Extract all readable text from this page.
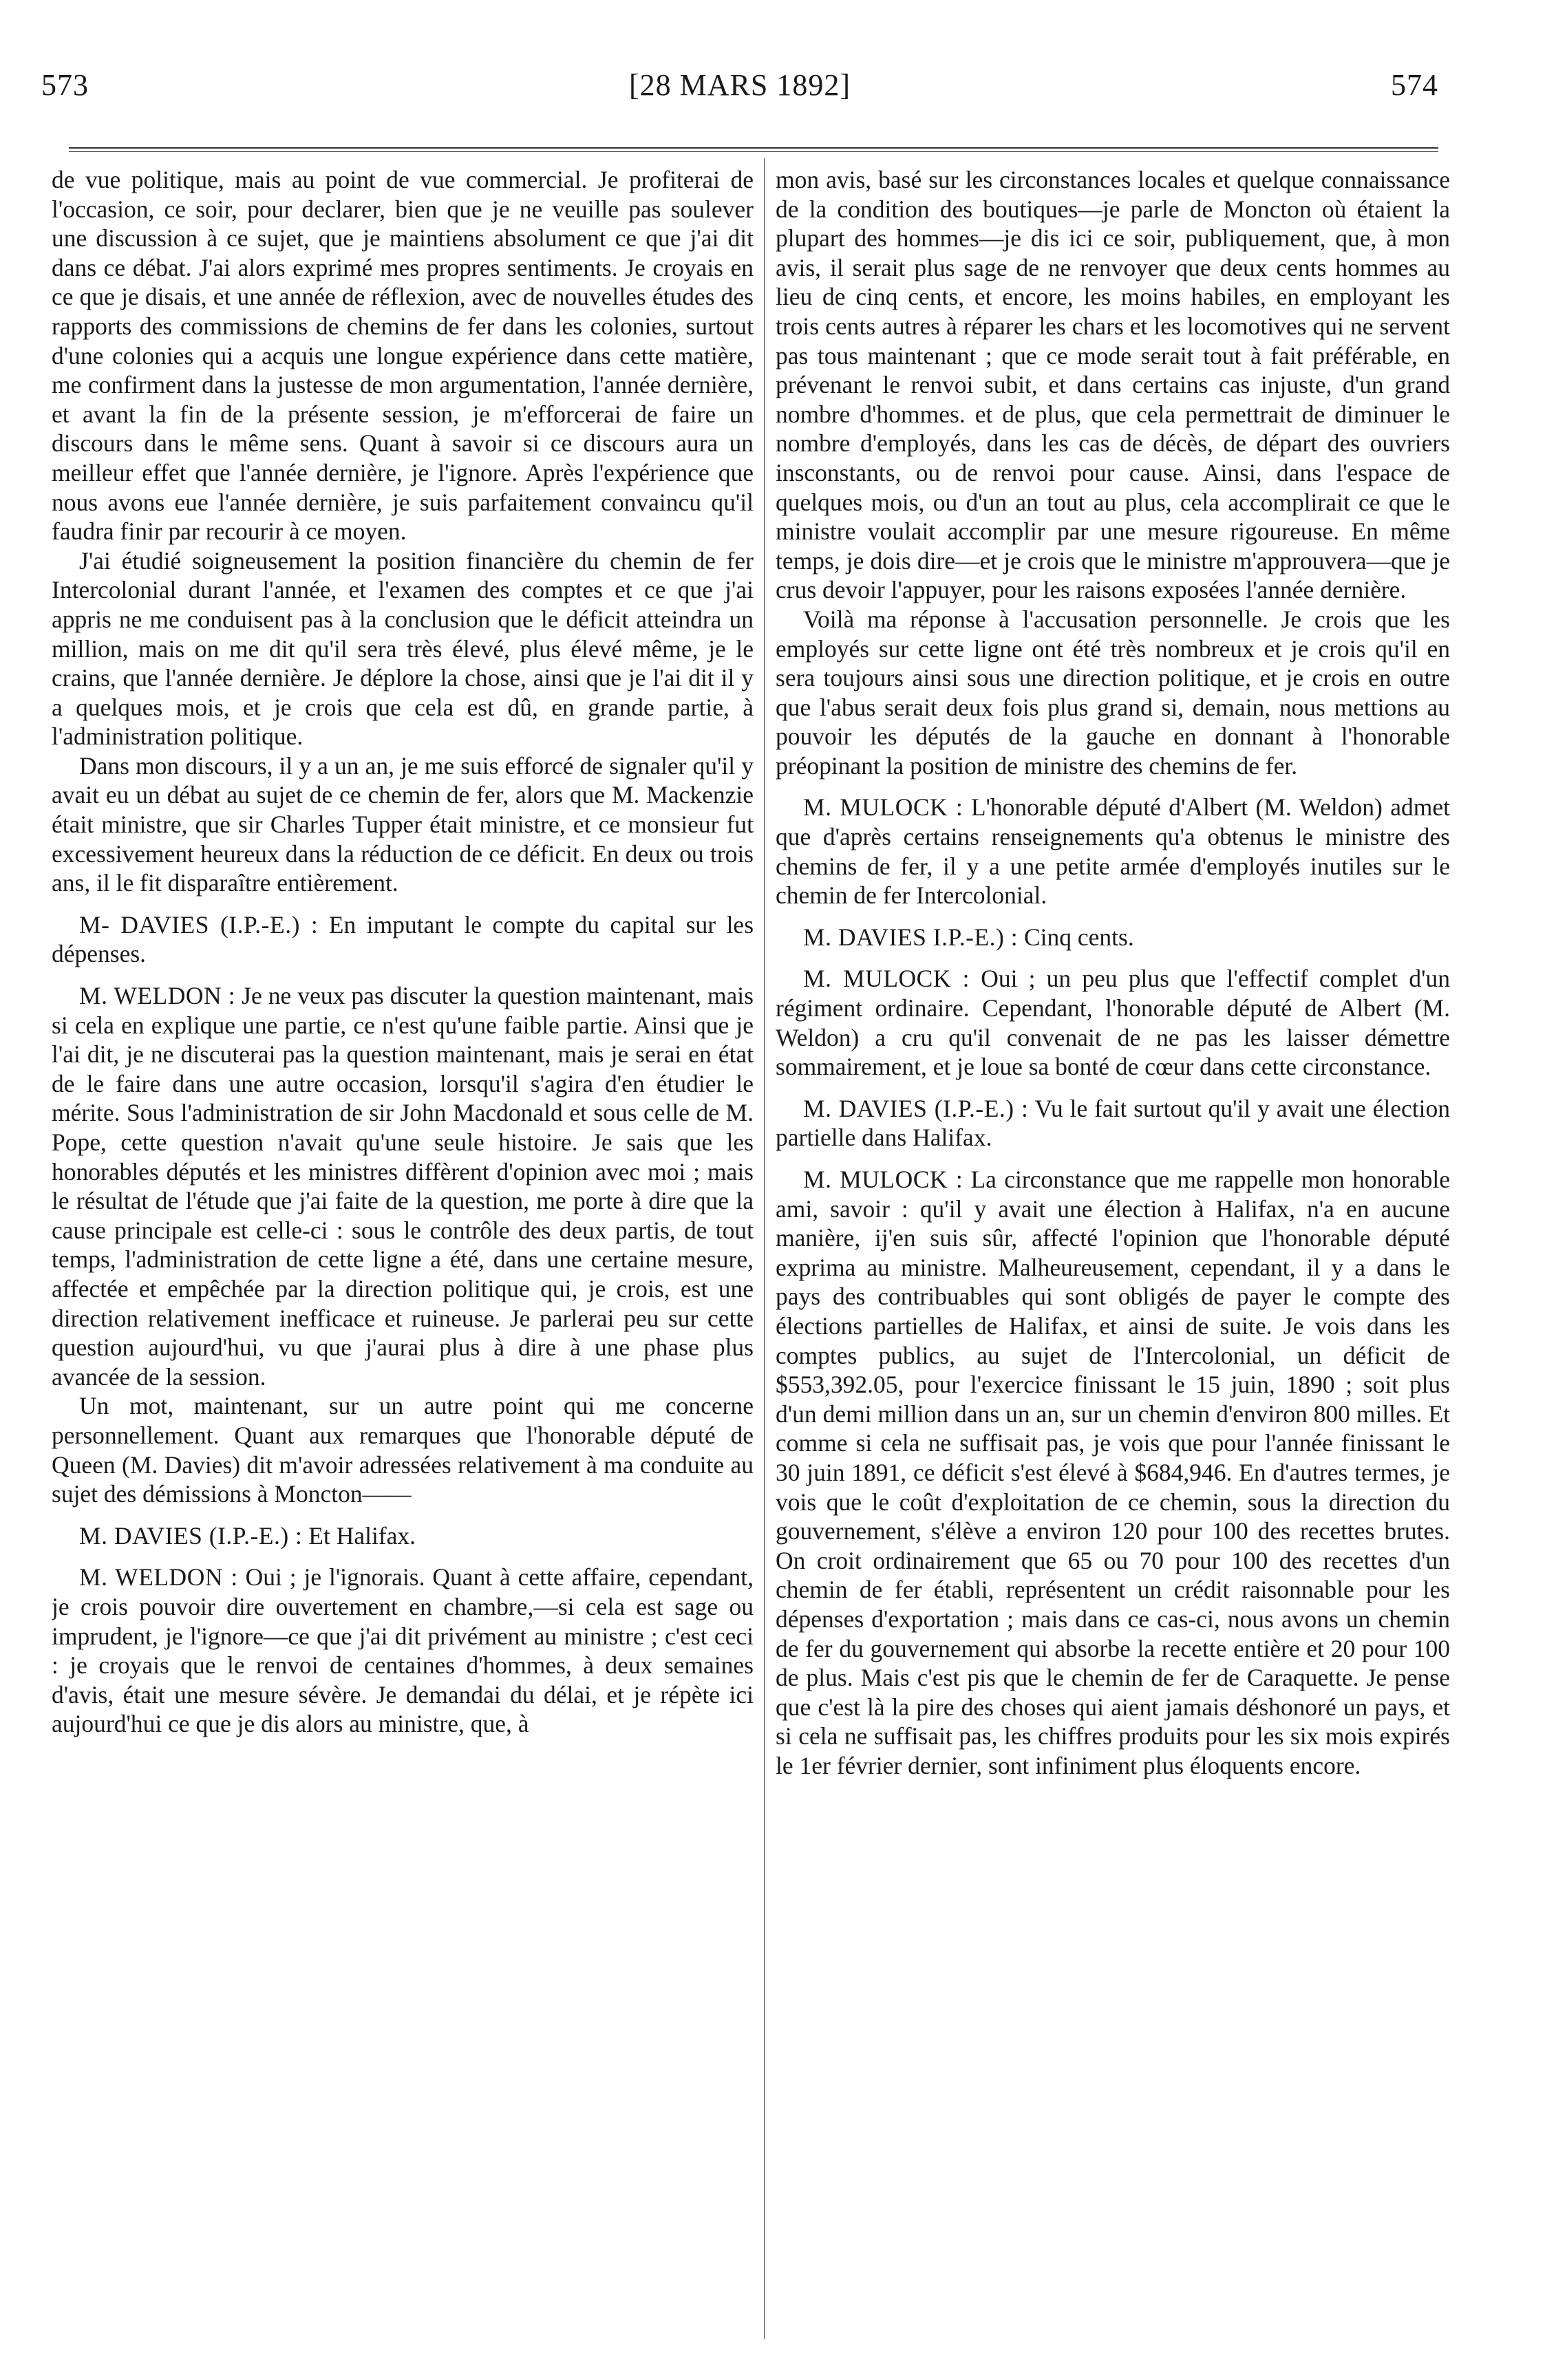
573	[28 MARS 1892]	574

de vue politique, mais au point de vue commercial. Je profiterai de l'occasion, ce soir, pour declarer, bien que je ne veuille pas soulever une discussion à ce sujet, que je maintiens absolument ce que j'ai dit dans ce débat. J'ai alors exprimé mes propres sentiments. Je croyais en ce que je disais, et une année de réflexion, avec de nouvelles études des rapports des commissions de chemins de fer dans les colonies, surtout d'une colonies qui a acquis une longue expérience dans cette matière, me confirment dans la justesse de mon argumentation, l'année dernière, et avant la fin de la présente session, je m'efforcerai de faire un discours dans le même sens. Quant à savoir si ce discours aura un meilleur effet que l'année dernière, je l'ignore. Après l'expérience que nous avons eue l'année dernière, je suis parfaitement convaincu qu'il faudra finir par recourir à ce moyen.

J'ai étudié soigneusement la position financière du chemin de fer Intercolonial durant l'année, et l'examen des comptes et ce que j'ai appris ne me conduisent pas à la conclusion que le déficit atteindra un million, mais on me dit qu'il sera très élevé, plus élevé même, je le crains, que l'année dernière. Je déplore la chose, ainsi que je l'ai dit il y a quelques mois, et je crois que cela est dû, en grande partie, à l'administration politique.

Dans mon discours, il y a un an, je me suis efforcé de signaler qu'il y avait eu un débat au sujet de ce chemin de fer, alors que M. Mackenzie était ministre, que sir Charles Tupper était ministre, et ce monsieur fut excessivement heureux dans la réduction de ce déficit. En deux ou trois ans, il le fit disparaître entièrement.

M- DAVIES (I.P.-E.) : En imputant le compte du capital sur les dépenses.

M. WELDON : Je ne veux pas discuter la question maintenant, mais si cela en explique une partie, ce n'est qu'une faible partie. Ainsi que je l'ai dit, je ne discuterai pas la question maintenant, mais je serai en état de le faire dans une autre occasion, lorsqu'il s'agira d'en étudier le mérite. Sous l'administration de sir John Macdonald et sous celle de M. Pope, cette question n'avait qu'une seule histoire. Je sais que les honorables députés et les ministres diffèrent d'opinion avec moi ; mais le résultat de l'étude que j'ai faite de la question, me porte à dire que la cause principale est celle-ci : sous le contrôle des deux partis, de tout temps, l'administration de cette ligne a été, dans une certaine mesure, affectée et empêchée par la direction politique qui, je crois, est une direction relativement inefficace et ruineuse. Je parlerai peu sur cette question aujourd'hui, vu que j'aurai plus à dire à une phase plus avancée de la session.

Un mot, maintenant, sur un autre point qui me concerne personnellement. Quant aux remarques que l'honorable député de Queen (M. Davies) dit m'avoir adressées relativement à ma conduite au sujet des démissions à Moncton——

M. DAVIES (I.P.-E.) : Et Halifax.

M. WELDON : Oui ; je l'ignorais. Quant à cette affaire, cependant, je crois pouvoir dire ouvertement en chambre,—si cela est sage ou imprudent, je l'ignore—ce que j'ai dit privément au ministre ; c'est ceci : je croyais que le renvoi de centaines d'hommes, à deux semaines d'avis, était une mesure sévère. Je demandai du délai, et je répète ici aujourd'hui ce que je dis alors au ministre, que, à

mon avis, basé sur les circonstances locales et quelque connaissance de la condition des boutiques—je parle de Moncton où étaient la plupart des hommes—je dis ici ce soir, publiquement, que, à mon avis, il serait plus sage de ne renvoyer que deux cents hommes au lieu de cinq cents, et encore, les moins habiles, en employant les trois cents autres à réparer les chars et les locomotives qui ne servent pas tous maintenant ; que ce mode serait tout à fait préférable, en prévenant le renvoi subit, et dans certains cas injuste, d'un grand nombre d'hommes. et de plus, que cela permettrait de diminuer le nombre d'employés, dans les cas de décès, de départ des ouvriers insconstants, ou de renvoi pour cause. Ainsi, dans l'espace de quelques mois, ou d'un an tout au plus, cela accomplirait ce que le ministre voulait accomplir par une mesure rigoureuse. En même temps, je dois dire—et je crois que le ministre m'approuvera—que je crus devoir l'appuyer, pour les raisons exposées l'année dernière.

Voilà ma réponse à l'accusation personnelle. Je crois que les employés sur cette ligne ont été très nombreux et je crois qu'il en sera toujours ainsi sous une direction politique, et je crois en outre que l'abus serait deux fois plus grand si, demain, nous mettions au pouvoir les députés de la gauche en donnant à l'honorable préopinant la position de ministre des chemins de fer.

M. MULOCK : L'honorable député d'Albert (M. Weldon) admet que d'après certains renseignements qu'a obtenus le ministre des chemins de fer, il y a une petite armée d'employés inutiles sur le chemin de fer Intercolonial.

M. DAVIES I.P.-E.) : Cinq cents.

M. MULOCK : Oui ; un peu plus que l'effectif complet d'un régiment ordinaire. Cependant, l'honorable député de Albert (M. Weldon) a cru qu'il convenait de ne pas les laisser démettre sommairement, et je loue sa bonté de cœur dans cette circonstance.

M. DAVIES (I.P.-E.) : Vu le fait surtout qu'il y avait une élection partielle dans Halifax.

M. MULOCK : La circonstance que me rappelle mon honorable ami, savoir : qu'il y avait une élection à Halifax, n'a en aucune manière, ij'en suis sûr, affecté l'opinion que l'honorable député exprima au ministre. Malheureusement, cependant, il y a dans le pays des contribuables qui sont obligés de payer le compte des élections partielles de Halifax, et ainsi de suite. Je vois dans les comptes publics, au sujet de l'Intercolonial, un déficit de $553,392.05, pour l'exercice finissant le 15 juin, 1890 ; soit plus d'un demi million dans un an, sur un chemin d'environ 800 milles. Et comme si cela ne suffisait pas, je vois que pour l'année finissant le 30 juin 1891, ce déficit s'est élevé à $684,946. En d'autres termes, je vois que le coût d'exploitation de ce chemin, sous la direction du gouvernement, s'élève a environ 120 pour 100 des recettes brutes. On croit ordinairement que 65 ou 70 pour 100 des recettes d'un chemin de fer établi, représentent un crédit raisonnable pour les dépenses d'exportation ; mais dans ce cas-ci, nous avons un chemin de fer du gouvernement qui absorbe la recette entière et 20 pour 100 de plus. Mais c'est pis que le chemin de fer de Caraquette. Je pense que c'est là la pire des choses qui aient jamais déshonoré un pays, et si cela ne suffisait pas, les chiffres produits pour les six mois expirés le 1er février dernier, sont infiniment plus éloquents encore.
